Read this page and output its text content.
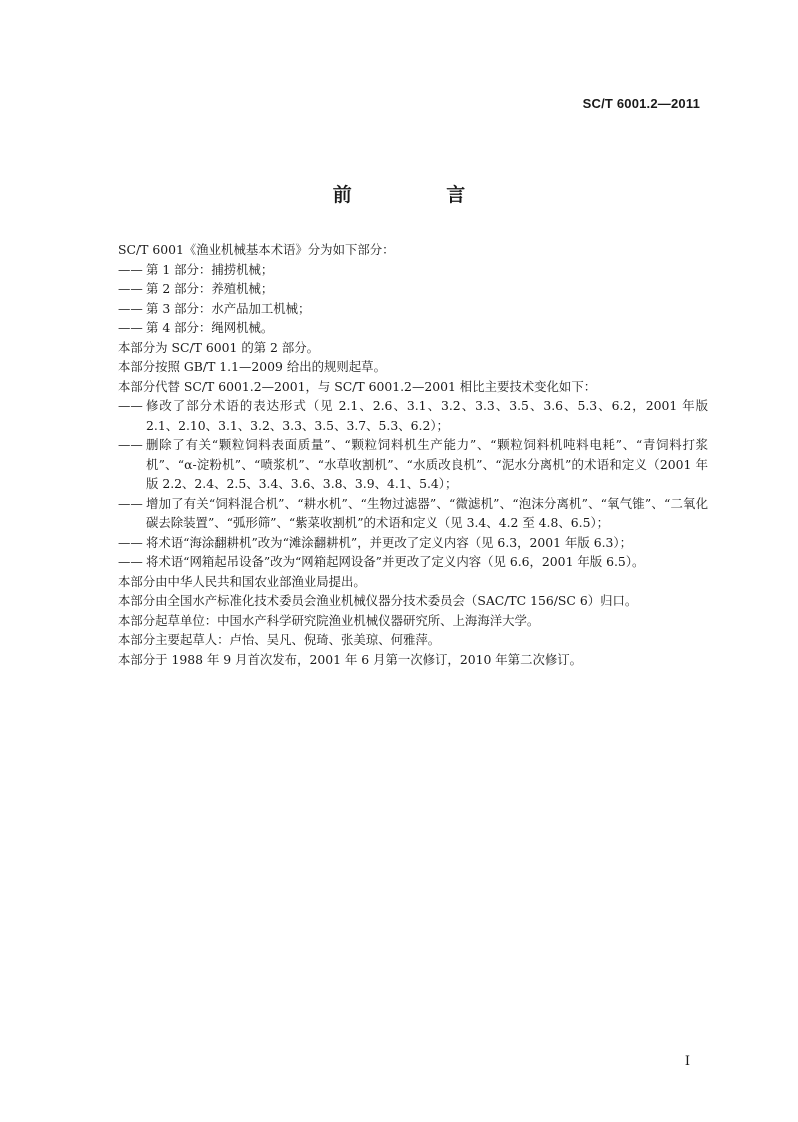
SC/T 6001.2—2011
前 言
SC/T 6001《渔业机械基本术语》分为如下部分：
—— 第 1 部分：捕捞机械；
—— 第 2 部分：养殖机械；
—— 第 3 部分：水产品加工机械；
—— 第 4 部分：绳网机械。
本部分为 SC/T 6001 的第 2 部分。
本部分按照 GB/T 1.1—2009 给出的规则起草。
本部分代替 SC/T 6001.2—2001，与 SC/T 6001.2—2001 相比主要技术变化如下：
—— 修改了部分术语的表达形式（见 2.1、2.6、3.1、3.2、3.3、3.5、3.6、5.3、6.2，2001 年版 2.1、2.10、3.1、3.2、3.3、3.5、3.7、5.3、6.2）；
—— 删除了有关“颗粒饲料表面质量”、“颗粒饲料机生产能力”、“颗粒饲料机吨料电耗”、“青饲料打浆机”、“α-淀粉机”、“喷浆机”、“水草收割机”、“水质改良机”、“泥水分离机”的术语和定义（2001 年版 2.2、2.4、2.5、3.4、3.6、3.8、3.9、4.1、5.4）；
—— 增加了有关“饲料混合机”、“耕水机”、“生物过滤器”、“微滤机”、“泡沫分离机”、“氧气锥”、“二氧化碳去除装置”、“弧形筛”、“紫菜收割机”的术语和定义（见 3.4、4.2 至 4.8、6.5）；
—— 将术语“海涂翻耕机”改为“滩涂翻耕机”，并更改了定义内容（见 6.3，2001 年版 6.3）；
—— 将术语“网箱起吊设备”改为“网箱起网设备”并更改了定义内容（见 6.6，2001 年版 6.5）。
本部分由中华人民共和国农业部渔业局提出。
本部分由全国水产标准化技术委员会渔业机械仪器分技术委员会（SAC/TC 156/SC 6）归口。
本部分起草单位：中国水产科学研究院渔业机械仪器研究所、上海海洋大学。
本部分主要起草人：卢怡、吴凡、倪琦、张美琼、何雅萍。
本部分于 1988 年 9 月首次发布，2001 年 6 月第一次修订，2010 年第二次修订。
I
